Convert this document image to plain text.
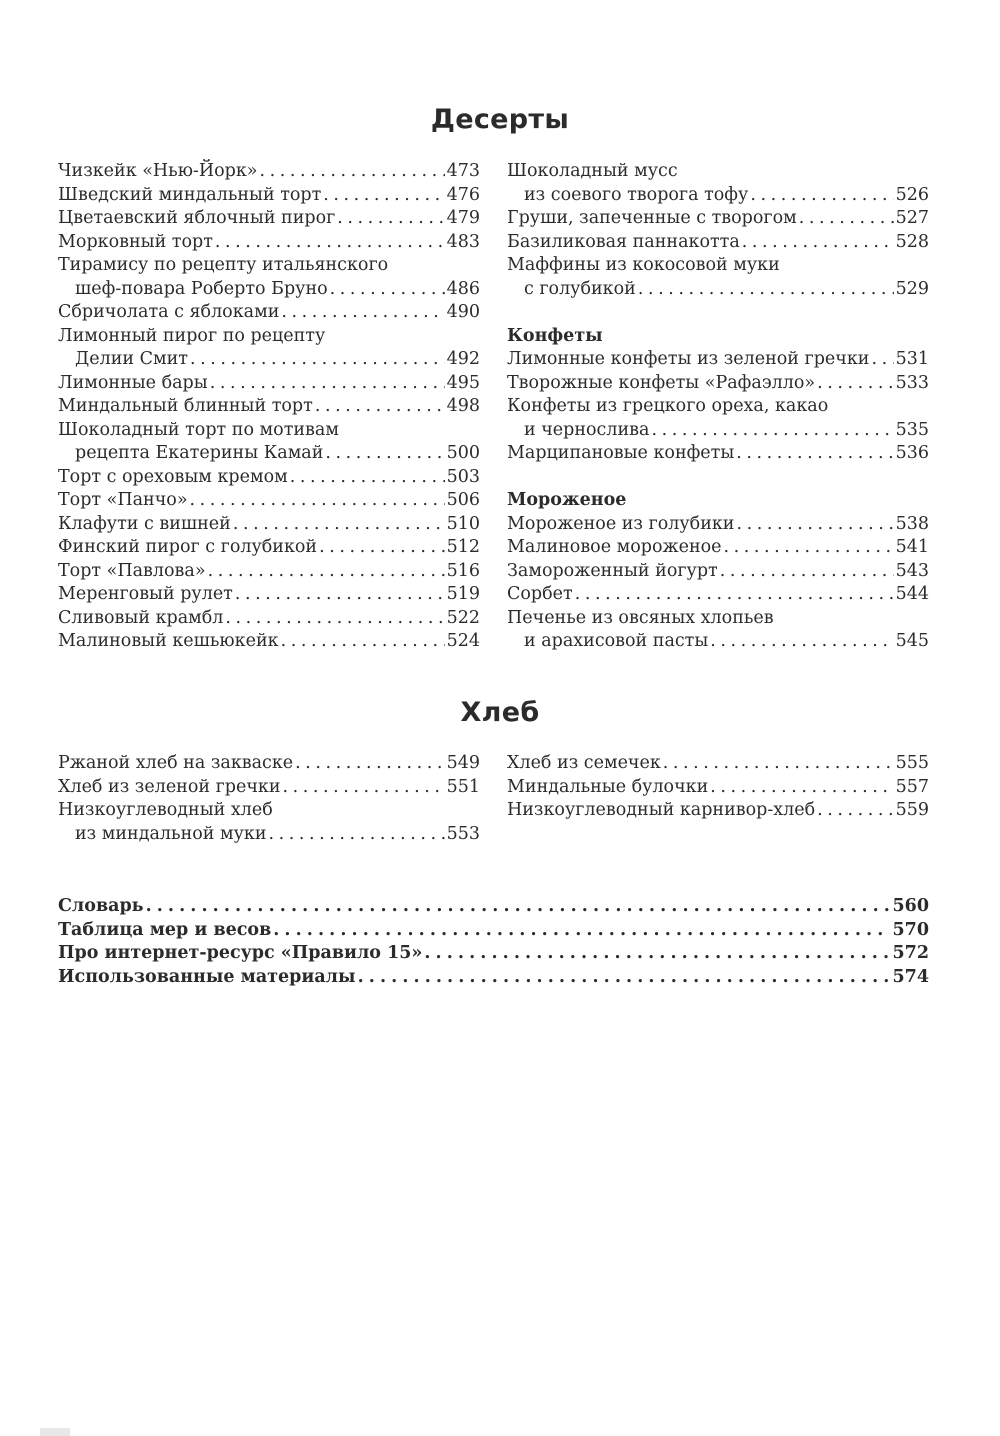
Десерты
Чизкейк «Нью-Йорк» . . .	473
Шведский миндальный торт . . .	476
Цветаевский яблочный пирог . . .	479
Морковный торт . . .	483
Тирамису по рецепту итальянского
шеф-повара Роберто Бруно . . .	486
Сбричолата с яблоками . . .	490
Лимонный пирог по рецепту
Делии Смит . . .	492
Лимонные бары . . .	495
Миндальный блинный торт . . .	498
Шоколадный торт по мотивам
рецепта Екатерины Камай . . .	500
Торт с ореховым кремом . . .	503
Торт «Панчо» . . .	506
Клафути с вишней . . .	510
Финский пирог с голубикой . . .	512
Торт «Павлова» . . .	516
Меренговый рулет . . .	519
Сливовый крамбл . . .	522
Малиновый кешьюкейк . . .	524
Шоколадный мусс
из соевого творога тофу . . .	526
Груши, запеченные с творогом . . .	527
Базиликовая паннакотта . . .	528
Маффины из кокосовой муки
с голубикой . . .	529
Конфеты
Лимонные конфеты из зеленой гречки . . . 531
Творожные конфеты «Рафаэлло» . . .	533
Конфеты из грецкого ореха, какао
и чернослива . . .	535
Марципановые конфеты . . .	536
Мороженое
Мороженое из голубики . . .	538
Малиновое мороженое . . .	541
Замороженный йогурт . . .	543
Сорбет . . .	544
Печенье из овсяных хлопьев
и арахисовой пасты . . .	545
Хлеб
Ржаной хлеб на закваске . . .	549
Хлеб из зеленой гречки . . .	551
Низкоуглеводный хлеб
из миндальной муки . . .	553
Хлеб из семечек . . .	555
Миндальные булочки . . .	557
Низкоуглеводный карнивор-хлеб . . .	559
Словарь . . .	560
Таблица мер и весов . . .	570
Про интернет-ресурс «Правило 15» . . .	572
Использованные материалы . . .	574
